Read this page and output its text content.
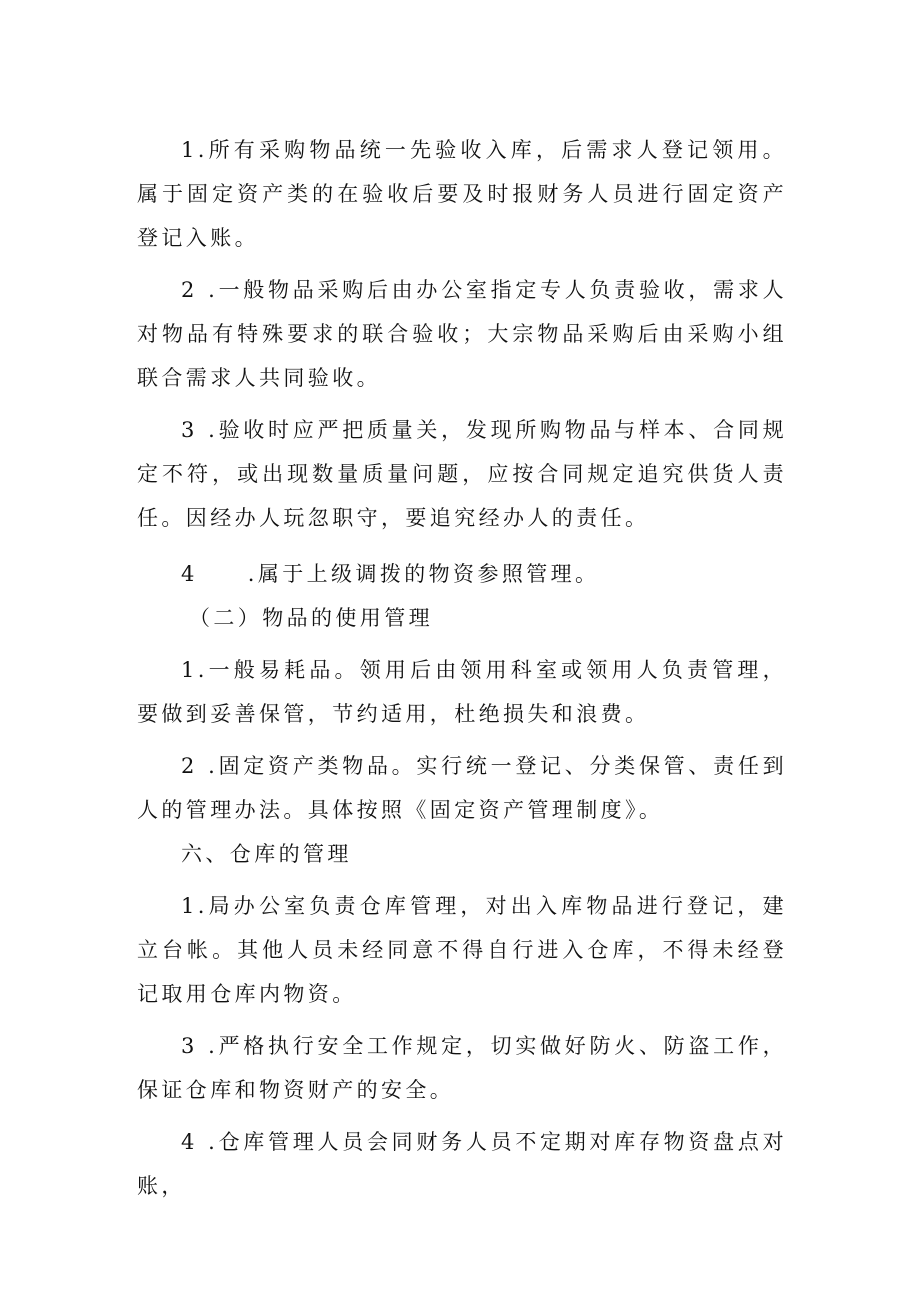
1.所有采购物品统一先验收入库，后需求人登记领用。属于固定资产类的在验收后要及时报财务人员进行固定资产登记入账。

2 .一般物品采购后由办公室指定专人负责验收，需求人对物品有特殊要求的联合验收；大宗物品采购后由采购小组联合需求人共同验收。

3 .验收时应严把质量关，发现所购物品与样本、合同规定不符，或出现数量质量问题，应按合同规定追究供货人责任。因经办人玩忽职守，要追究经办人的责任。

4 .属于上级调拨的物资参照管理。

（二）物品的使用管理

1.一般易耗品。领用后由领用科室或领用人负责管理，要做到妥善保管，节约适用，杜绝损失和浪费。

2 .固定资产类物品。实行统一登记、分类保管、责任到人的管理办法。具体按照《固定资产管理制度》。

六、仓库的管理

1.局办公室负责仓库管理，对出入库物品进行登记，建立台帐。其他人员未经同意不得自行进入仓库，不得未经登记取用仓库内物资。

3 .严格执行安全工作规定，切实做好防火、防盗工作，保证仓库和物资财产的安全。

4 .仓库管理人员会同财务人员不定期对库存物资盘点对账，
